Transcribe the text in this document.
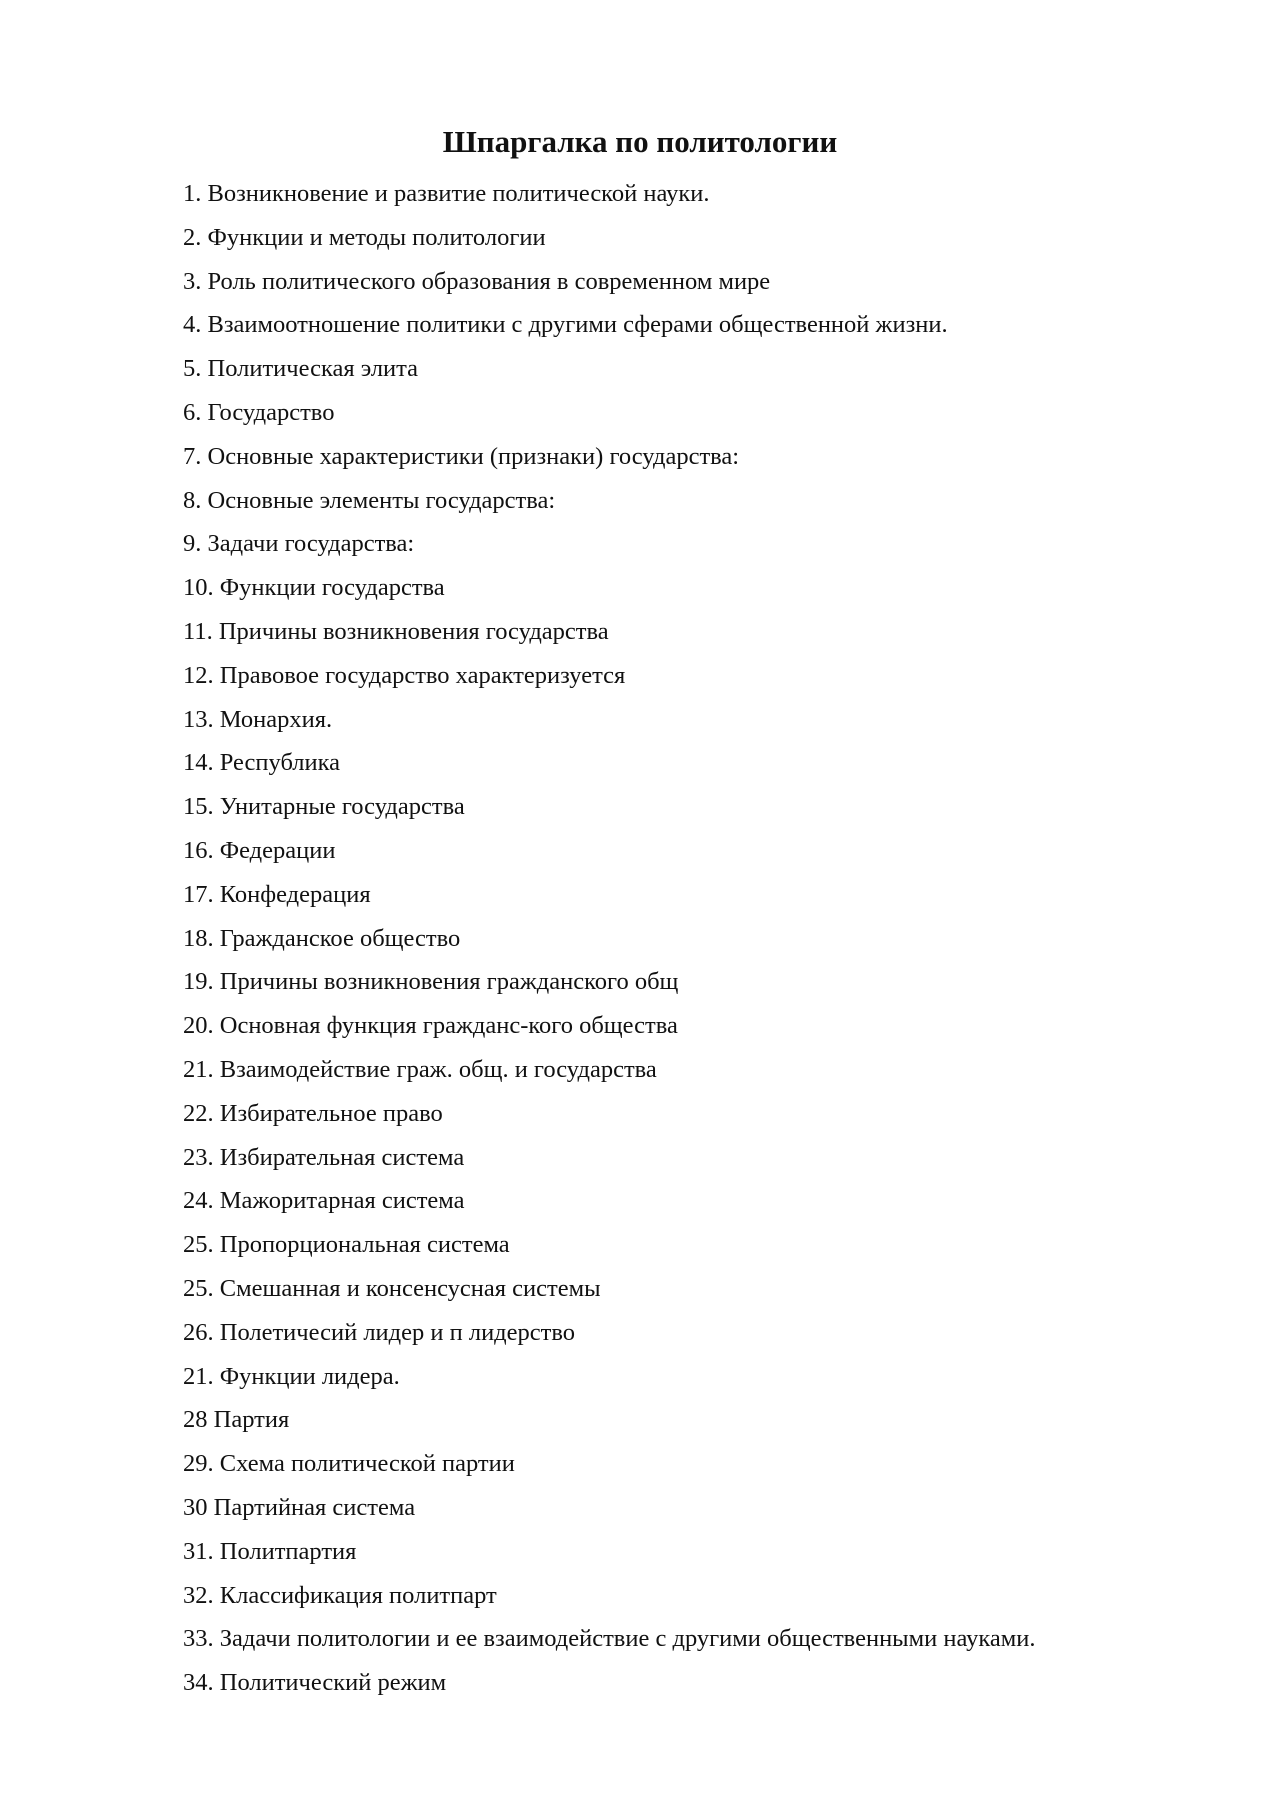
Шпаргалка по политологии
1. Возникновение и развитие политической науки.
2. Функции и методы политологии
3. Роль политического образования в современном мире
4. Взаимоотношение политики с другими сферами общественной жизни.
5. Политическая элита
6. Государство
7. Основные характеристики (признаки) государства:
8. Основные элементы государства:
9. Задачи государства:
10. Функции государства
11. Причины возникновения государства
12. Правовое государство характеризуется
13. Монархия.
14. Республика
15. Унитарные государства
16. Федерации
17. Конфедерация
18. Гражданское общество
19. Причины возникновения гражданского общ
20. Основная функция гражданс-кого общества
21. Взаимодействие граж. общ. и государства
22. Избирательное право
23. Избирательная система
24. Мажоритарная система
25. Пропорциональная система
25. Смешанная и консенсусная системы
26. Полетичесий лидер и п лидерство
21. Функции лидера.
28 Партия
29. Схема политической партии
30 Партийная система
31. Политпартия
32. Классификация политпарт
33. Задачи политологии и ее взаимодействие с другими общественными науками.
34. Политический режим
